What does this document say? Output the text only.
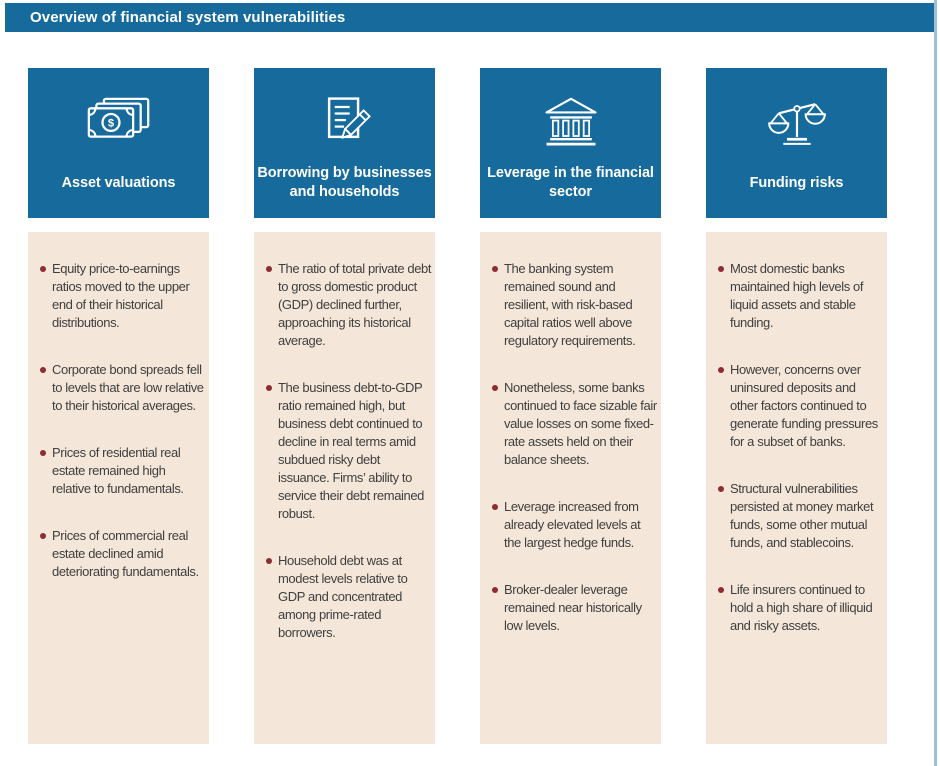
Overview of financial system vulnerabilities
$
Asset valuations
Equity price-to-earnings ratios moved to the upper end of their historical distributions.
Corporate bond spreads fell to levels that are low relative to their historical averages.
Prices of residential real estate remained high relative to fundamentals.
Prices of commercial real estate declined amid deteriorating fundamentals.
Borrowing by businesses and households
The ratio of total private debt to gross domestic product (GDP) declined further, approaching its historical average.
The business debt-to-GDP ratio remained high, but business debt continued to decline in real terms amid subdued risky debt issuance. Firms’ ability to service their debt remained robust.
Household debt was at modest levels relative to GDP and concentrated among prime-rated borrowers.
Leverage in the financial sector
The banking system remained sound and resilient, with risk-based capital ratios well above regulatory requirements.
Nonetheless, some banks continued to face sizable fair value losses on some fixed-rate assets held on their balance sheets.
Leverage increased from already elevated levels at the largest hedge funds.
Broker-dealer leverage remained near historically low levels.
Funding risks
Most domestic banks maintained high levels of liquid assets and stable funding.
However, concerns over uninsured deposits and other factors continued to generate funding pressures for a subset of banks.
Structural vulnerabilities persisted at money market funds, some other mutual funds, and stablecoins.
Life insurers continued to hold a high share of illiquid and risky assets.
